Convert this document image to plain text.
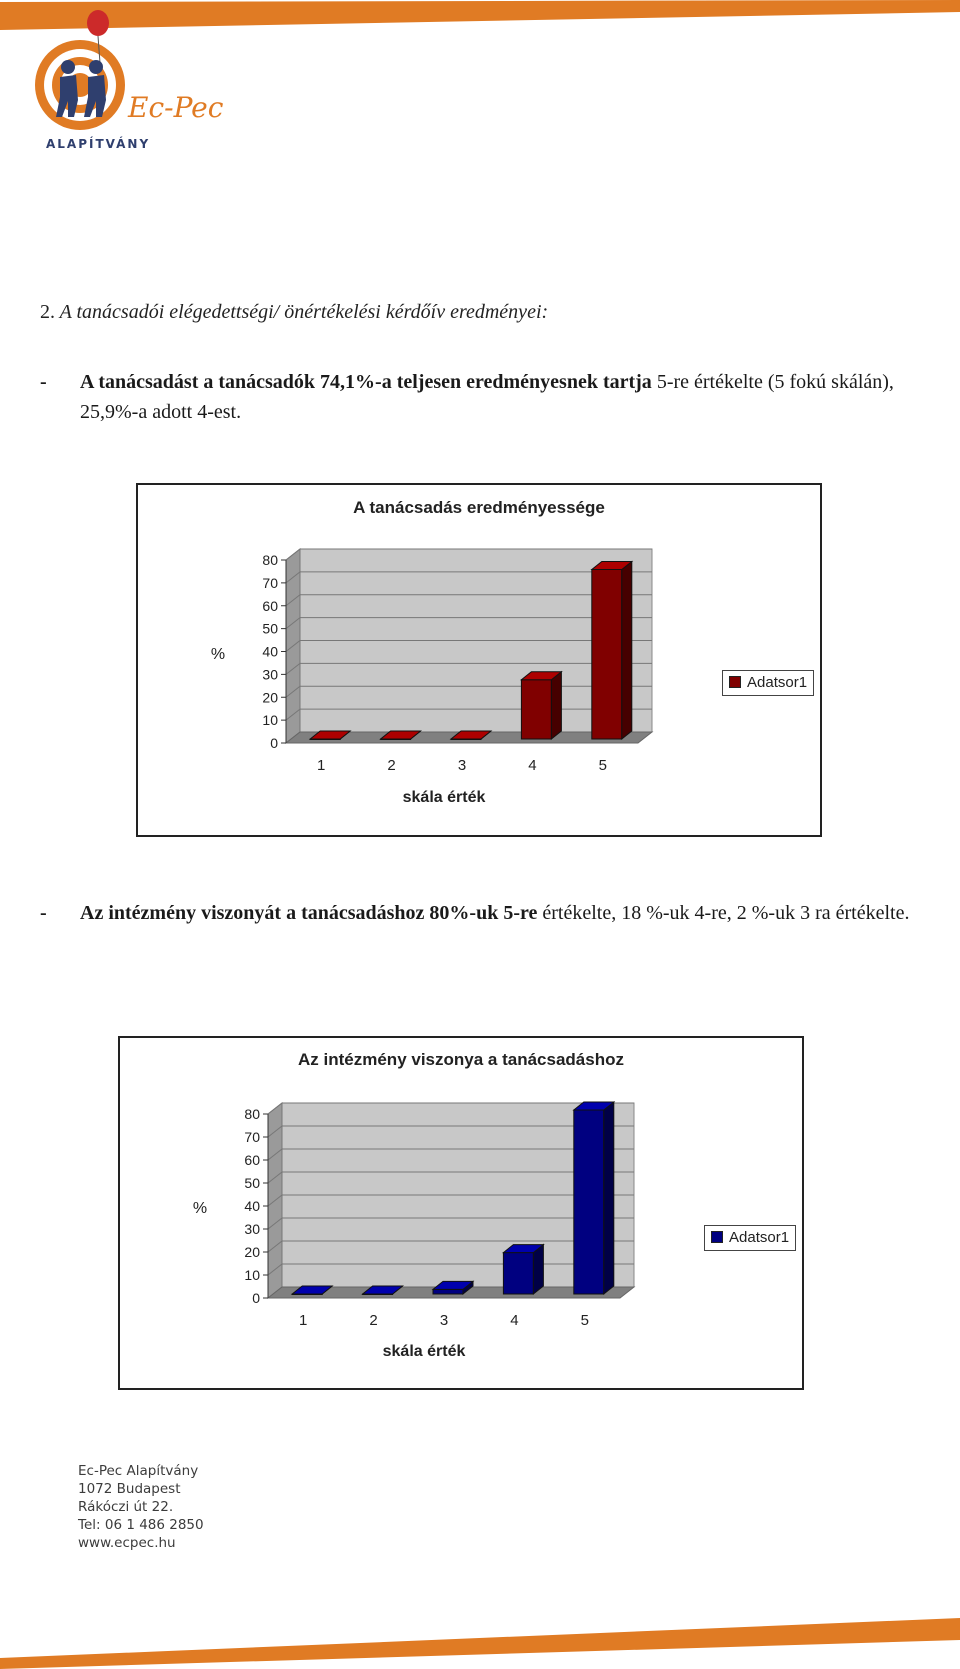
Ec-Pec
ALAPÍTVÁNY
2. A tanácsadói elégedettségi/ önértékelési kérdőív eredményei:
- A tanácsadást a tanácsadók 74,1%-a teljesen eredményesnek tartja 5-re értékelte (5 fokú skálán), 25,9%-a adott 4-est.
A tanácsadás eredményessége
0
10
20
30
40
50
60
70
80
1	2	3	4	5
skála érték
%
Adatsor1
- Az intézmény viszonyát a tanácsadáshoz 80%-uk 5-re értékelte, 18 %-uk 4-re, 2 %-uk 3 ra értékelte.
Az intézmény viszonya a tanácsadáshoz
0
10
20
30
40
50
60
70
80
1	2	3	4	5
skála érték
%
Adatsor1
Ec-Pec Alapítvány
1072 Budapest
Rákóczi út 22.
Tel: 06 1 486 2850
www.ecpec.hu
